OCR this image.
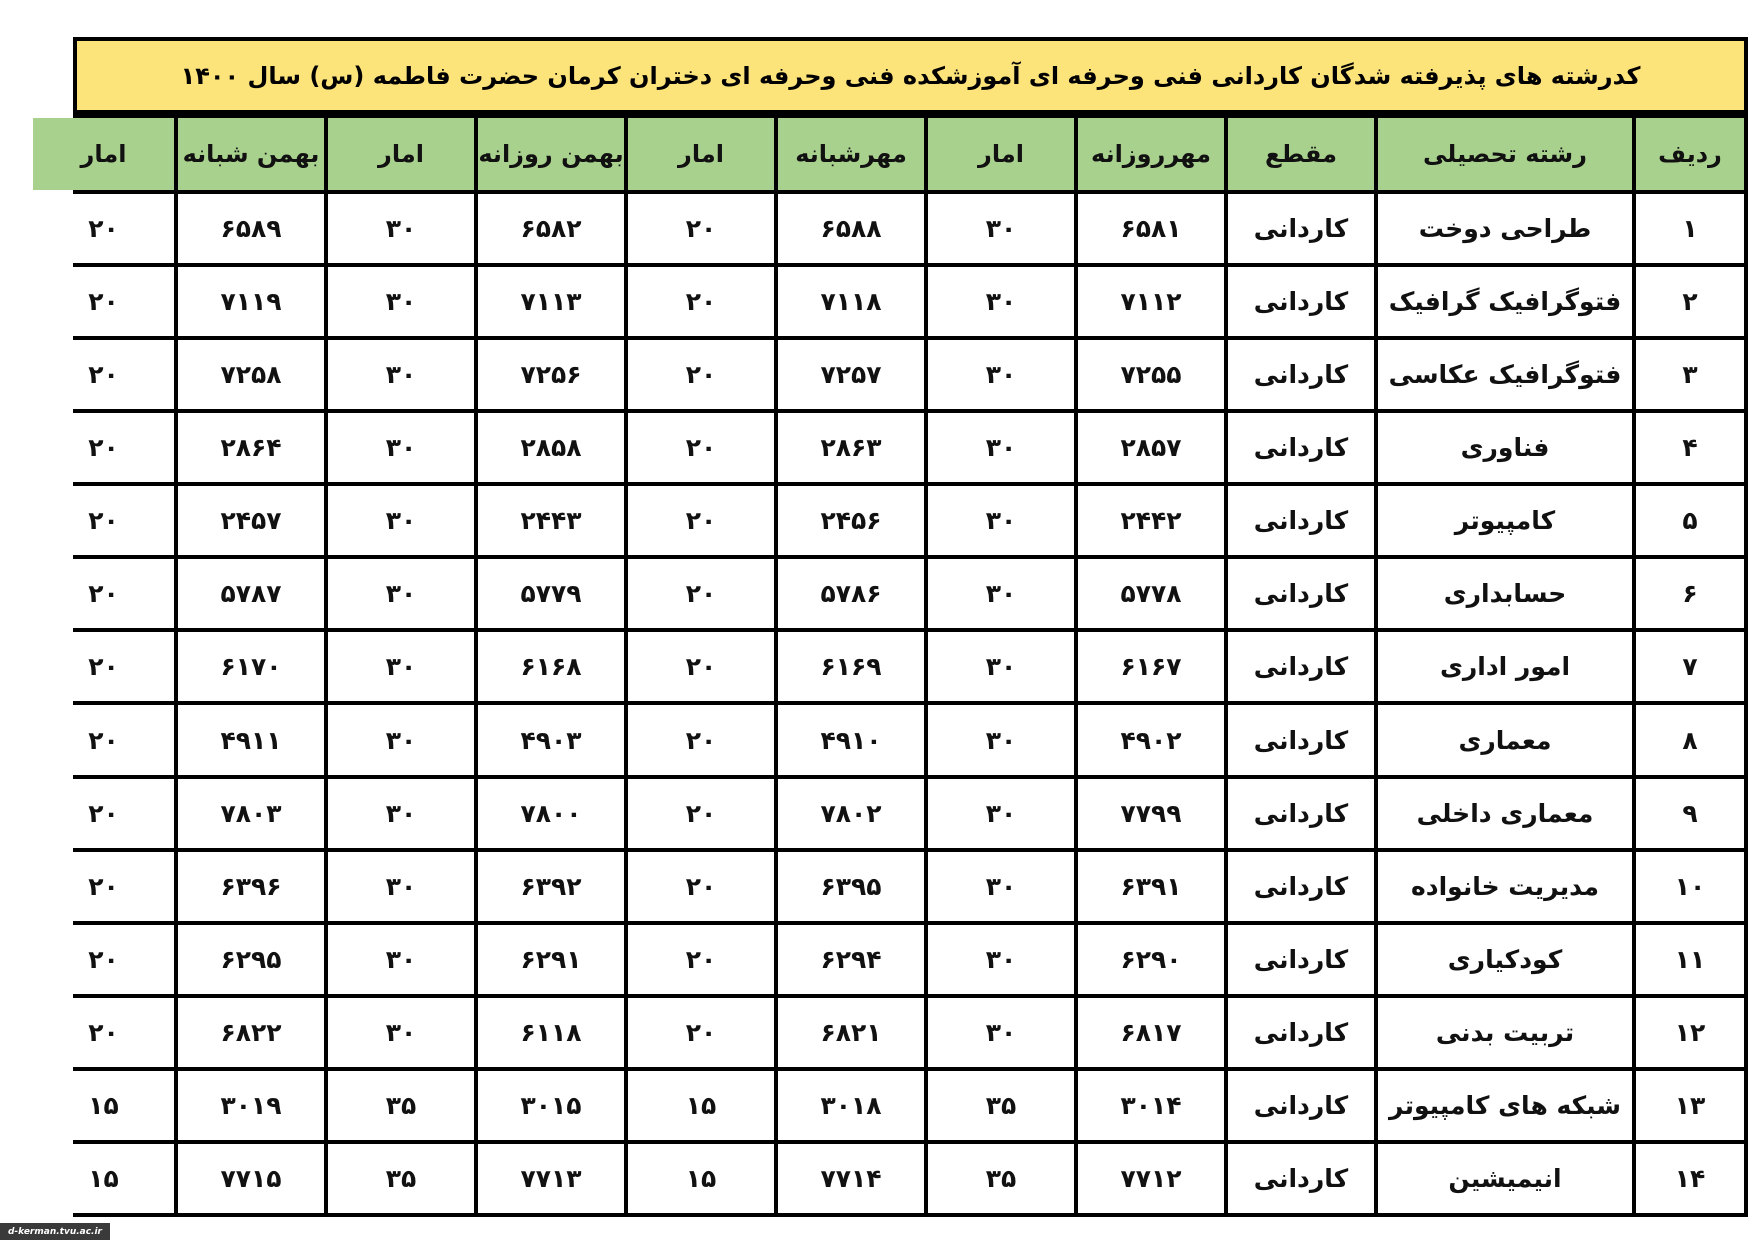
کدرشته های پذیرفته شدگان کاردانی فنی وحرفه ای آموزشکده فنی وحرفه ای دختران کرمان حضرت فاطمه (س) سال ۱۴۰۰
ردیف
رشته تحصیلی
مقطع
مهرروزانه
امار
مهرشبانه
امار
بهمن روزانه
امار
بهمن شبانه
امار
۱
طراحی دوخت
کاردانی
۶۵۸۱
۳۰
۶۵۸۸
۲۰
۶۵۸۲
۳۰
۶۵۸۹
۲۰
۲
فتوگرافیک گرافیک
کاردانی
۷۱۱۲
۳۰
۷۱۱۸
۲۰
۷۱۱۳
۳۰
۷۱۱۹
۲۰
۳
فتوگرافیک عکاسی
کاردانی
۷۲۵۵
۳۰
۷۲۵۷
۲۰
۷۲۵۶
۳۰
۷۲۵۸
۲۰
۴
فناوری
کاردانی
۲۸۵۷
۳۰
۲۸۶۳
۲۰
۲۸۵۸
۳۰
۲۸۶۴
۲۰
۵
کامپیوتر
کاردانی
۲۴۴۲
۳۰
۲۴۵۶
۲۰
۲۴۴۳
۳۰
۲۴۵۷
۲۰
۶
حسابداری
کاردانی
۵۷۷۸
۳۰
۵۷۸۶
۲۰
۵۷۷۹
۳۰
۵۷۸۷
۲۰
۷
امور اداری
کاردانی
۶۱۶۷
۳۰
۶۱۶۹
۲۰
۶۱۶۸
۳۰
۶۱۷۰
۲۰
۸
معماری
کاردانی
۴۹۰۲
۳۰
۴۹۱۰
۲۰
۴۹۰۳
۳۰
۴۹۱۱
۲۰
۹
معماری داخلی
کاردانی
۷۷۹۹
۳۰
۷۸۰۲
۲۰
۷۸۰۰
۳۰
۷۸۰۳
۲۰
۱۰
مدیریت خانواده
کاردانی
۶۳۹۱
۳۰
۶۳۹۵
۲۰
۶۳۹۲
۳۰
۶۳۹۶
۲۰
۱۱
کودکیاری
کاردانی
۶۲۹۰
۳۰
۶۲۹۴
۲۰
۶۲۹۱
۳۰
۶۲۹۵
۲۰
۱۲
تربیت بدنی
کاردانی
۶۸۱۷
۳۰
۶۸۲۱
۲۰
۶۱۱۸
۳۰
۶۸۲۲
۲۰
۱۳
شبکه های کامپیوتر
کاردانی
۳۰۱۴
۳۵
۳۰۱۸
۱۵
۳۰۱۵
۳۵
۳۰۱۹
۱۵
۱۴
انیمیشین
کاردانی
۷۷۱۲
۳۵
۷۷۱۴
۱۵
۷۷۱۳
۳۵
۷۷۱۵
۱۵
d-kerman.tvu.ac.ir
